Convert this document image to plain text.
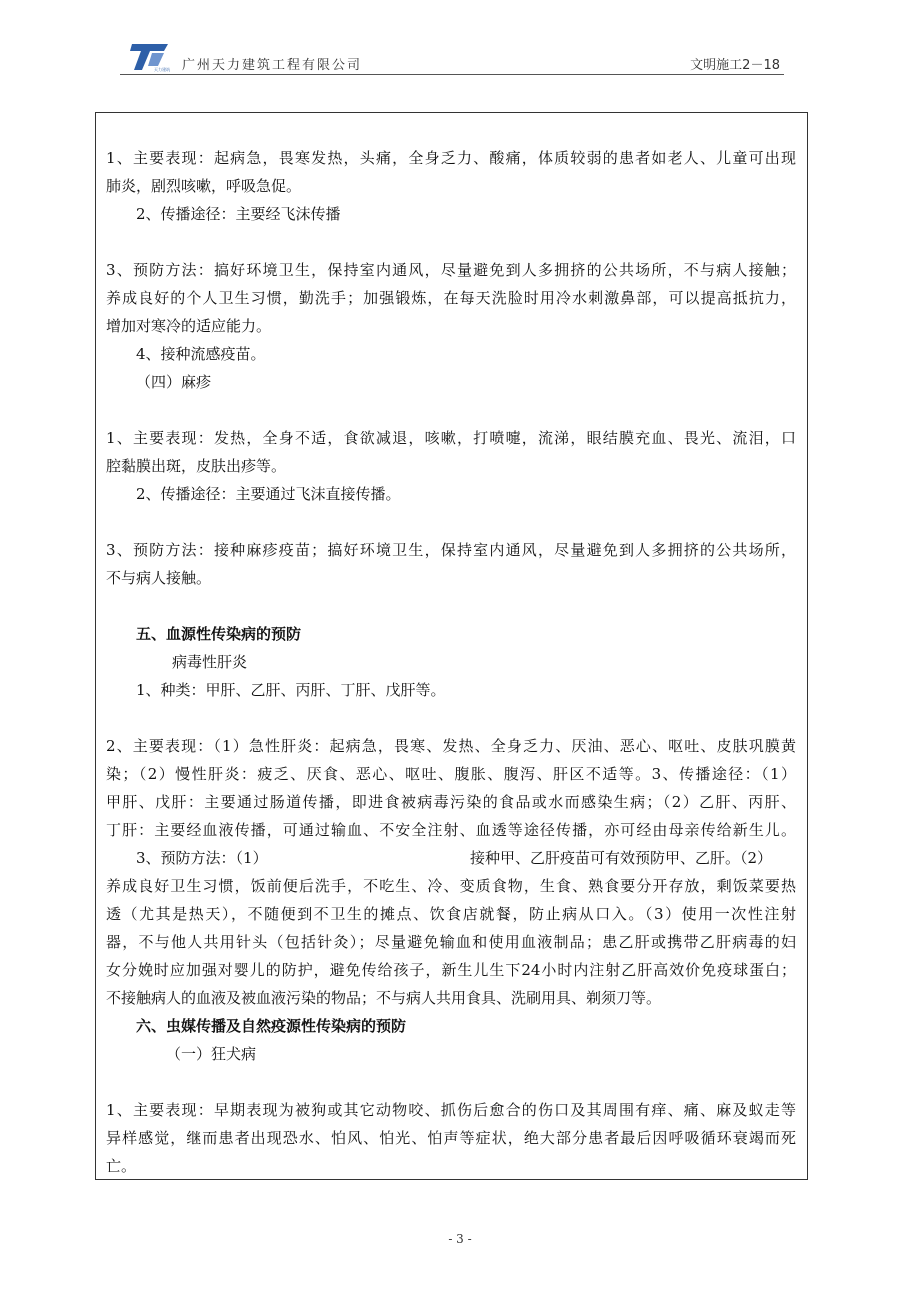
天力建筑 广州天力建筑工程有限公司	文明施工2－18
1、主要表现：起病急，畏寒发热，头痛，全身乏力、酸痛，体质较弱的患者如老人、儿童可出现
肺炎，剧烈咳嗽，呼吸急促。
2、传播途径：主要经飞沫传播
3、预防方法：搞好环境卫生，保持室内通风，尽量避免到人多拥挤的公共场所，不与病人接触；
养成良好的个人卫生习惯，勤洗手；加强锻炼，在每天洗脸时用冷水刺激鼻部，可以提高抵抗力，
增加对寒冷的适应能力。
4、接种流感疫苗。
（四）麻疹
1、主要表现：发热，全身不适，食欲减退，咳嗽，打喷嚏，流涕，眼结膜充血、畏光、流泪，口
腔黏膜出斑，皮肤出疹等。
2、传播途径：主要通过飞沫直接传播。
3、预防方法：接种麻疹疫苗；搞好环境卫生，保持室内通风，尽量避免到人多拥挤的公共场所，
不与病人接触。
五、血源性传染病的预防
病毒性肝炎
1、种类：甲肝、乙肝、丙肝、丁肝、戊肝等。
2、主要表现：（1）急性肝炎：起病急，畏寒、发热、全身乏力、厌油、恶心、呕吐、皮肤巩膜黄
染；（2）慢性肝炎：疲乏、厌食、恶心、呕吐、腹胀、腹泻、肝区不适等。3、传播途径：（1）
甲肝、戊肝：主要通过肠道传播，即进食被病毒污染的食品或水而感染生病；（2）乙肝、丙肝、
丁肝：主要经血液传播，可通过输血、不安全注射、血透等途径传播，亦可经由母亲传给新生儿。
3、预防方法：（1）	接种甲、乙肝疫苗可有效预防甲、乙肝。（2）
养成良好卫生习惯，饭前便后洗手，不吃生、冷、变质食物，生食、熟食要分开存放，剩饭菜要热
透（尤其是热天），不随便到不卫生的摊点、饮食店就餐，防止病从口入。（3）使用一次性注射
器，不与他人共用针头（包括针灸）；尽量避免输血和使用血液制品；患乙肝或携带乙肝病毒的妇
女分娩时应加强对婴儿的防护，避免传给孩子，新生儿生下24小时内注射乙肝高效价免疫球蛋白；
不接触病人的血液及被血液污染的物品；不与病人共用食具、洗刷用具、剃须刀等。
六、虫媒传播及自然疫源性传染病的预防
（一）狂犬病
1、主要表现：早期表现为被狗或其它动物咬、抓伤后愈合的伤口及其周围有痒、痛、麻及蚁走等
异样感觉，继而患者出现恐水、怕风、怕光、怕声等症状，绝大部分患者最后因呼吸循环衰竭而死
亡。
- 3 -
